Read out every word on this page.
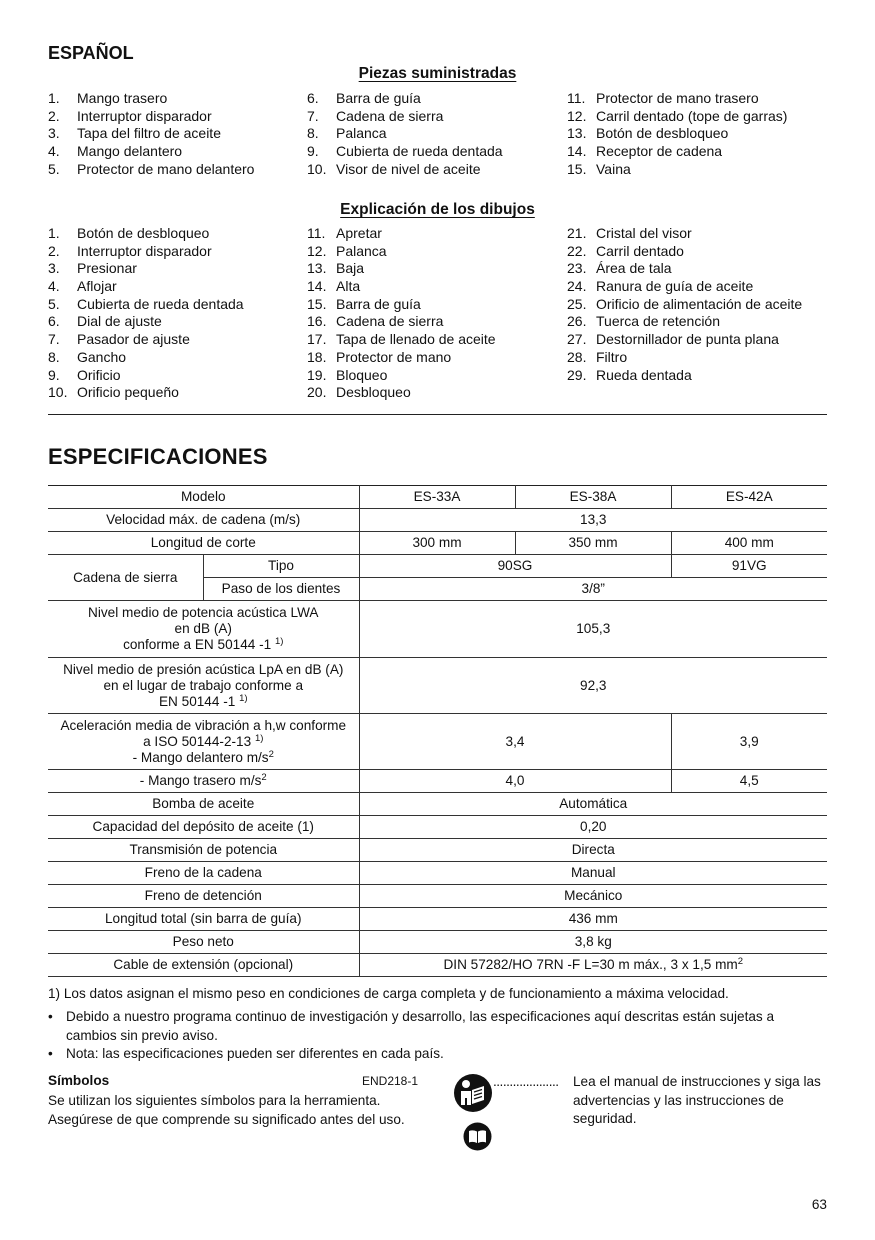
ESPAÑOL
Piezas suministradas
1. Mango trasero
2. Interruptor disparador
3. Tapa del filtro de aceite
4. Mango delantero
5. Protector de mano delantero
6. Barra de guía
7. Cadena de sierra
8. Palanca
9. Cubierta de rueda dentada
10. Visor de nivel de aceite
11. Protector de mano trasero
12. Carril dentado (tope de garras)
13. Botón de desbloqueo
14. Receptor de cadena
15. Vaina
Explicación de los dibujos
1. Botón de desbloqueo
2. Interruptor disparador
3. Presionar
4. Aflojar
5. Cubierta de rueda dentada
6. Dial de ajuste
7. Pasador de ajuste
8. Gancho
9. Orificio
10. Orificio pequeño
11. Apretar
12. Palanca
13. Baja
14. Alta
15. Barra de guía
16. Cadena de sierra
17. Tapa de llenado de aceite
18. Protector de mano
19. Bloqueo
20. Desbloqueo
21. Cristal del visor
22. Carril dentado
23. Área de tala
24. Ranura de guía de aceite
25. Orificio de alimentación de aceite
26. Tuerca de retención
27. Destornillador de punta plana
28. Filtro
29. Rueda dentada
ESPECIFICACIONES
Modelo		ES-33A	ES-38A	ES-42A
Velocidad máx. de cadena (m/s)		13,3		
Longitud de corte		300 mm	350 mm	400 mm
Cadena de sierra	Tipo	90SG		91VG
	Paso de los dientes	3/8”		
Nivel medio de potencia acústica LWA
en dB (A)
conforme a EN 50144 -1 $^{1)}$		105,3		
Nivel medio de presión acústica LpA en dB (A)
en el lugar de trabajo conforme a
EN 50144 -1 $^{1)}$		92,3		
Aceleración media de vibración a h,w conforme
a ISO 50144-2-13 $^{1)}$
- Mango delantero $m/s^2$		3,4		3,9
- Mango trasero $m/s^2$		4,0		4,5
Bomba de aceite		Automática		
Capacidad del depósito de aceite (1)		0,20		
Transmisión de potencia		Directa		
Freno de la cadena		Manual		
Freno de detención		Mecánico		
Longitud total (sin barra de guía)		436 mm		
Peso neto		3,8 kg		
Cable de extensión (opcional)		DIN 57282/HO 7RN -F L=30 m máx., 3 x 1,5 $mm^2$
1) Los datos asignan el mismo peso en condiciones de carga completa y de funcionamiento a máxima velocidad.
• Debido a nuestro programa continuo de investigación y desarrollo, las especificaciones aquí descritas están sujetas a cambios sin previo aviso.
• Nota: las especificaciones pueden ser diferentes en cada país.
Símbolos	END218-1
Se utilizan los siguientes símbolos para la herramienta. Asegúrese de que comprende su significado antes del uso.
.................... Lea el manual de instrucciones y siga las advertencias y las instrucciones de seguridad.
63
